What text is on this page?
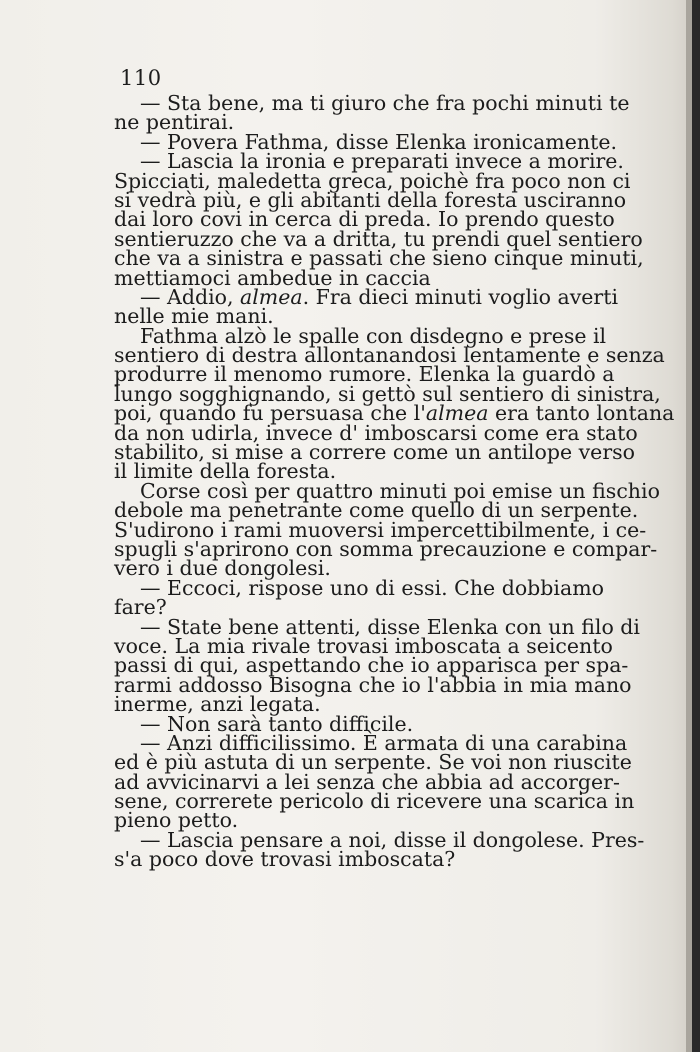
110
— Sta bene, ma ti giuro che fra pochi minuti te
ne pentirai.
— Povera Fathma, disse Elenka ironicamente.
— Lascia la ironia e preparati invece a morire.
Spicciati, maledetta greca, poichè fra poco non ci
si vedrà più, e gli abitanti della foresta usciranno
dai loro covi in cerca di preda. Io prendo questo
sentieruzzo che va a dritta, tu prendi quel sentiero
che va a sinistra e passati che sieno cinque minuti,
mettiamoci ambedue in caccia
— Addio, almea. Fra dieci minuti voglio averti
nelle mie mani.
Fathma alzò le spalle con disdegno e prese il
sentiero di destra allontanandosi lentamente e senza
produrre il menomo rumore. Elenka la guardò a
lungo sogghignando, si gettò sul sentiero di sinistra,
poi, quando fu persuasa che l'almea era tanto lontana
da non udirla, invece d' imboscarsi come era stato
stabilito, si mise a correre come un antilope verso
il limite della foresta.
Corse così per quattro minuti poi emise un fischio
debole ma penetrante come quello di un serpente.
S'udirono i rami muoversi impercettibilmente, i ce-
spugli s'aprirono con somma precauzione e compar-
vero i due dongolesi.
— Eccoci, rispose uno di essi. Che dobbiamo
fare?
— State bene attenti, disse Elenka con un filo di
voce. La mia rivale trovasi imboscata a seicento
passi di qui, aspettando che io apparisca per spa-
rarmi addosso Bisogna che io l'abbia in mia mano
inerme, anzi legata.
— Non sarà tanto difficile.
— Anzi difficilissimo. È armata di una carabina
ed è più astuta di un serpente. Se voi non riuscite
ad avvicinarvi a lei senza che abbia ad accorger-
sene, correrete pericolo di ricevere una scarica in
pieno petto.
— Lascia pensare a noi, disse il dongolese. Pres-
s'a poco dove trovasi imboscata?
